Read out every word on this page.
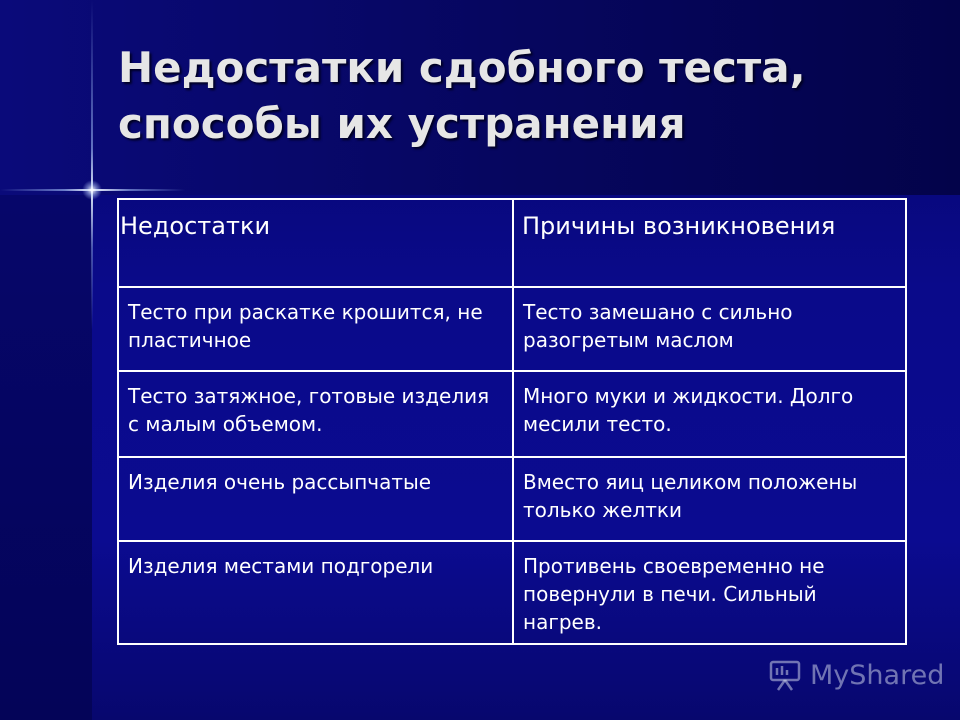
Недостатки сдобного теста,
способы их устранения
Недостатки	Причины возникновения
Тесто при раскатке крошится, не пластичное	Тесто замешано с сильно разогретым маслом
Тесто затяжное, готовые изделия с малым объемом.	Много муки и жидкости. Долго месили тесто.
Изделия очень рассыпчатые	Вместо яиц целиком положены только желтки
Изделия местами подгорели	Противень своевременно не повернули в печи. Сильный нагрев.
MyShared
